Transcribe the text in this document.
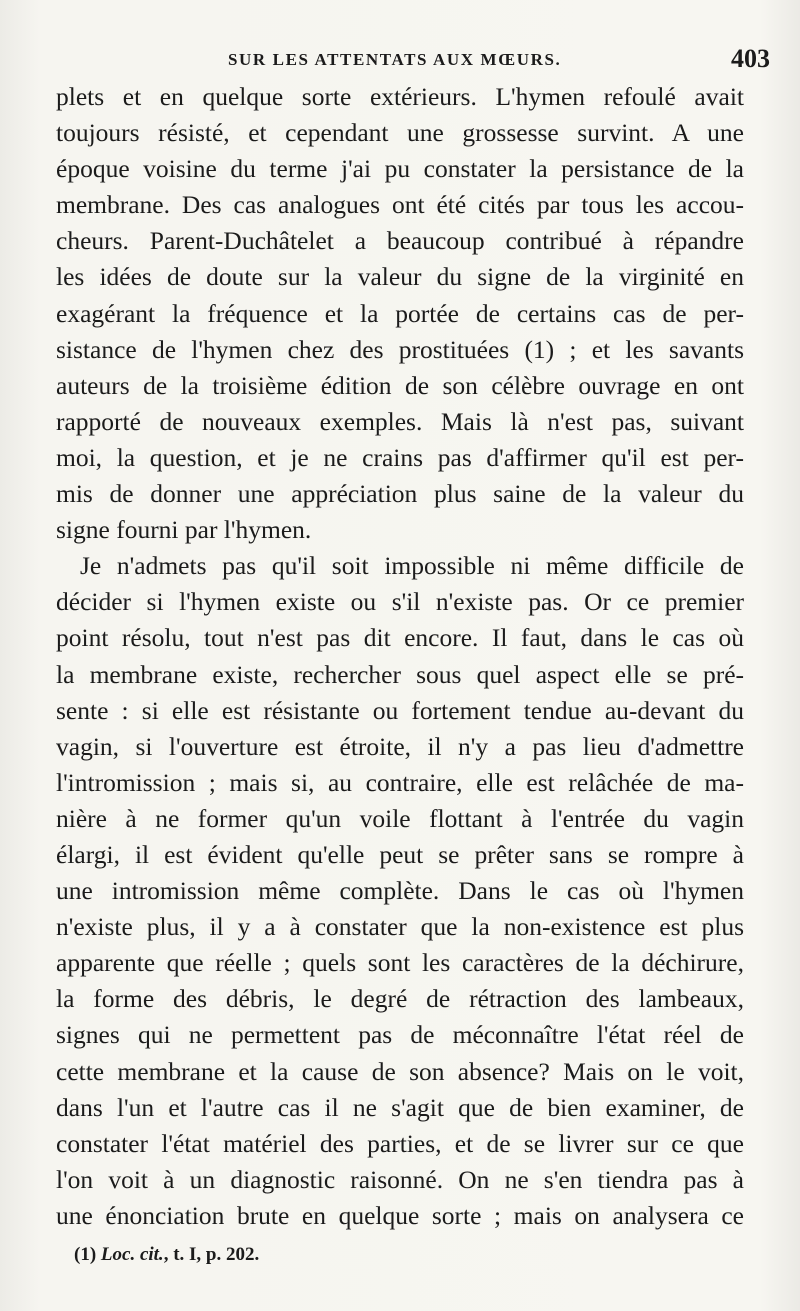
SUR LES ATTENTATS AUX MŒURS.	403
plets et en quelque sorte extérieurs. L'hymen refoulé avait
toujours résisté, et cependant une grossesse survint. A une
époque voisine du terme j'ai pu constater la persistance de la
membrane. Des cas analogues ont été cités par tous les accou-
cheurs. Parent-Duchâtelet a beaucoup contribué à répandre
les idées de doute sur la valeur du signe de la virginité en
exagérant la fréquence et la portée de certains cas de per-
sistance de l'hymen chez des prostituées (1) ; et les savants
auteurs de la troisième édition de son célèbre ouvrage en ont
rapporté de nouveaux exemples. Mais là n'est pas, suivant
moi, la question, et je ne crains pas d'affirmer qu'il est per-
mis de donner une appréciation plus saine de la valeur du
signe fourni par l'hymen.
Je n'admets pas qu'il soit impossible ni même difficile de
décider si l'hymen existe ou s'il n'existe pas. Or ce premier
point résolu, tout n'est pas dit encore. Il faut, dans le cas où
la membrane existe, rechercher sous quel aspect elle se pré-
sente : si elle est résistante ou fortement tendue au-devant du
vagin, si l'ouverture est étroite, il n'y a pas lieu d'admettre
l'intromission ; mais si, au contraire, elle est relâchée de ma-
nière à ne former qu'un voile flottant à l'entrée du vagin
élargi, il est évident qu'elle peut se prêter sans se rompre à
une intromission même complète. Dans le cas où l'hymen
n'existe plus, il y a à constater que la non-existence est plus
apparente que réelle ; quels sont les caractères de la déchirure,
la forme des débris, le degré de rétraction des lambeaux,
signes qui ne permettent pas de méconnaître l'état réel de
cette membrane et la cause de son absence? Mais on le voit,
dans l'un et l'autre cas il ne s'agit que de bien examiner, de
constater l'état matériel des parties, et de se livrer sur ce que
l'on voit à un diagnostic raisonné. On ne s'en tiendra pas à
une énonciation brute en quelque sorte ; mais on analysera ce
(1) Loc. cit., t. I, p. 202.
